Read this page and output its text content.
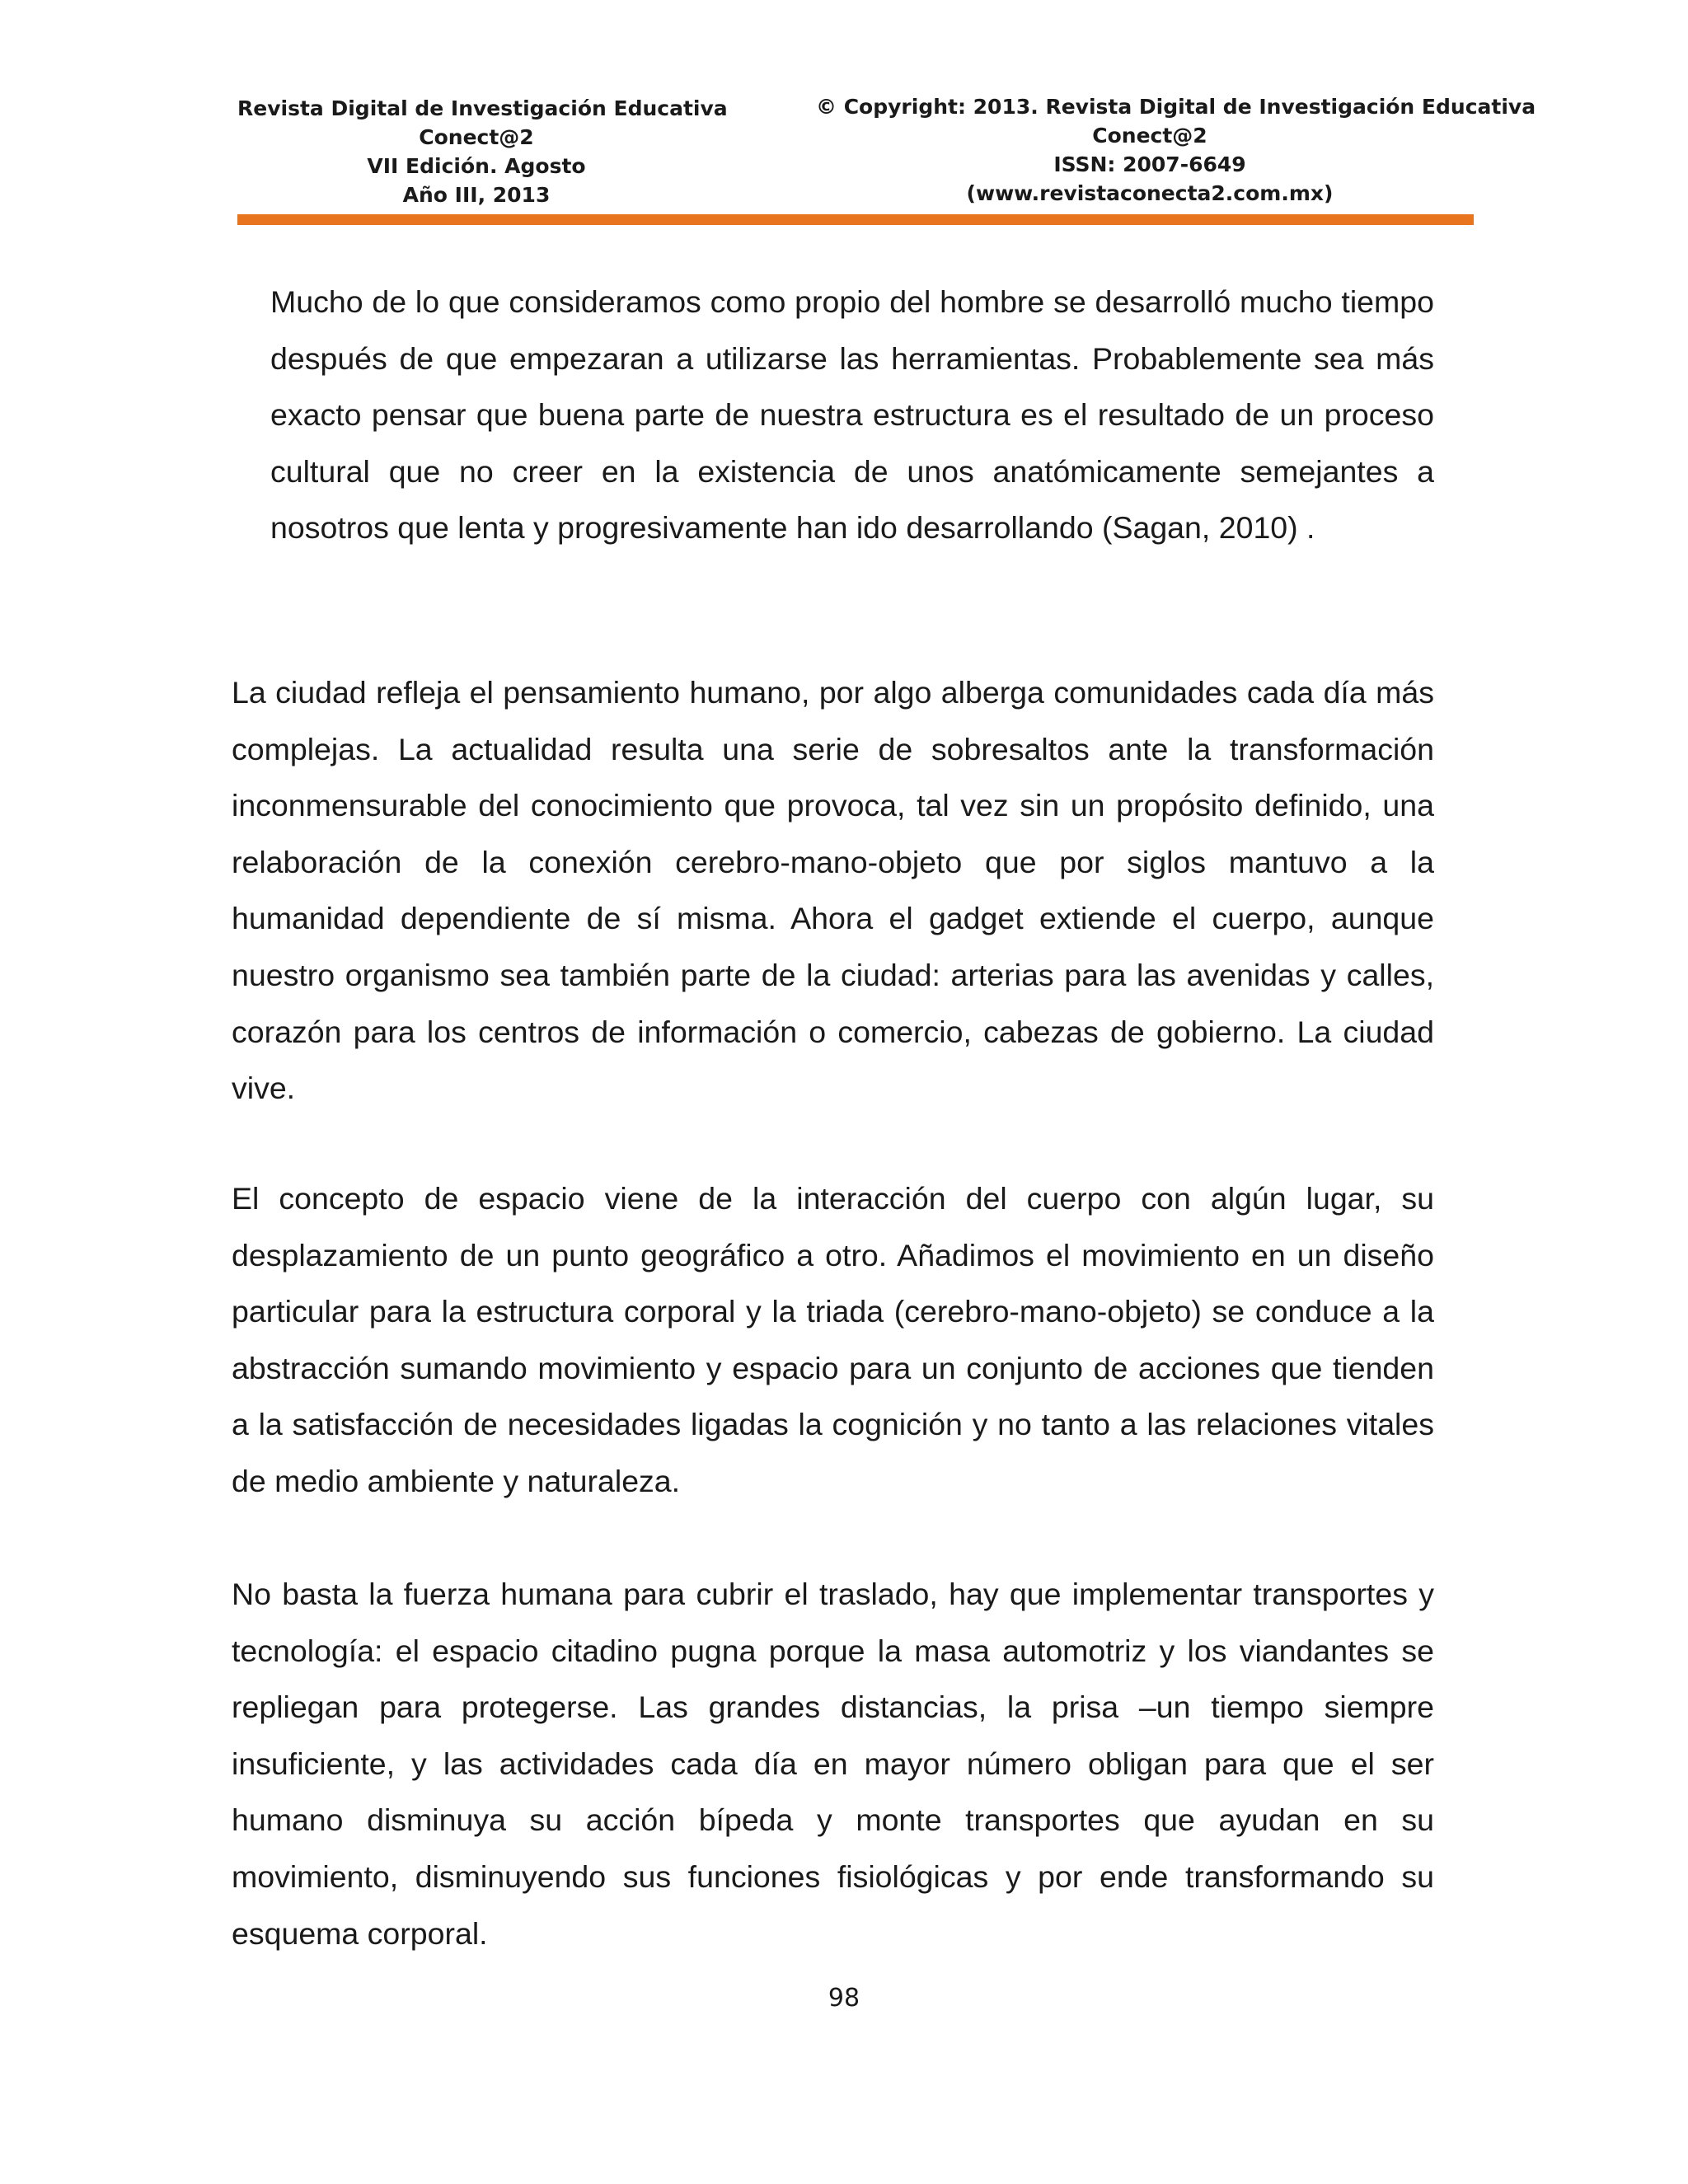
Revista Digital de Investigación Educativa
Conect@2
VII Edición. Agosto
Año III, 2013
© Copyright: 2013. Revista Digital de Investigación Educativa
Conect@2
ISSN: 2007-6649
(www.revistaconecta2.com.mx)
Mucho de lo que consideramos como propio del hombre se desarrolló mucho tiempo después de que empezaran a utilizarse las herramientas. Probablemente sea más exacto pensar que buena parte de nuestra estructura es el resultado de un proceso cultural que no creer en la existencia de unos anatómicamente semejantes a nosotros que lenta y progresivamente han ido desarrollando (Sagan, 2010) .
La ciudad refleja el pensamiento humano, por algo alberga comunidades cada día más complejas. La actualidad resulta una serie de sobresaltos ante la transformación inconmensurable del conocimiento que provoca, tal vez sin un propósito definido, una relaboración de la conexión cerebro-mano-objeto que por siglos mantuvo a la humanidad dependiente de sí misma. Ahora el gadget extiende el cuerpo, aunque nuestro organismo sea también parte de la ciudad: arterias para las avenidas y calles, corazón para los centros de información o comercio, cabezas de gobierno. La ciudad vive.
El concepto de espacio viene de la interacción del cuerpo con algún lugar, su desplazamiento de un punto geográfico a otro. Añadimos el movimiento en un diseño particular para la estructura corporal y la triada (cerebro-mano-objeto) se conduce a la abstracción sumando movimiento y espacio para un conjunto de acciones que tienden a la satisfacción de necesidades ligadas la cognición y no tanto a las relaciones vitales de medio ambiente y naturaleza.
No basta la fuerza humana para cubrir el traslado, hay que implementar transportes y tecnología: el espacio citadino pugna porque la masa automotriz y los viandantes se repliegan para protegerse. Las grandes distancias, la prisa –un tiempo siempre insuficiente, y las actividades cada día en mayor número obligan para que el ser humano disminuya su acción bípeda y monte transportes que ayudan en su movimiento, disminuyendo sus funciones fisiológicas y por ende transformando su esquema corporal.
98
